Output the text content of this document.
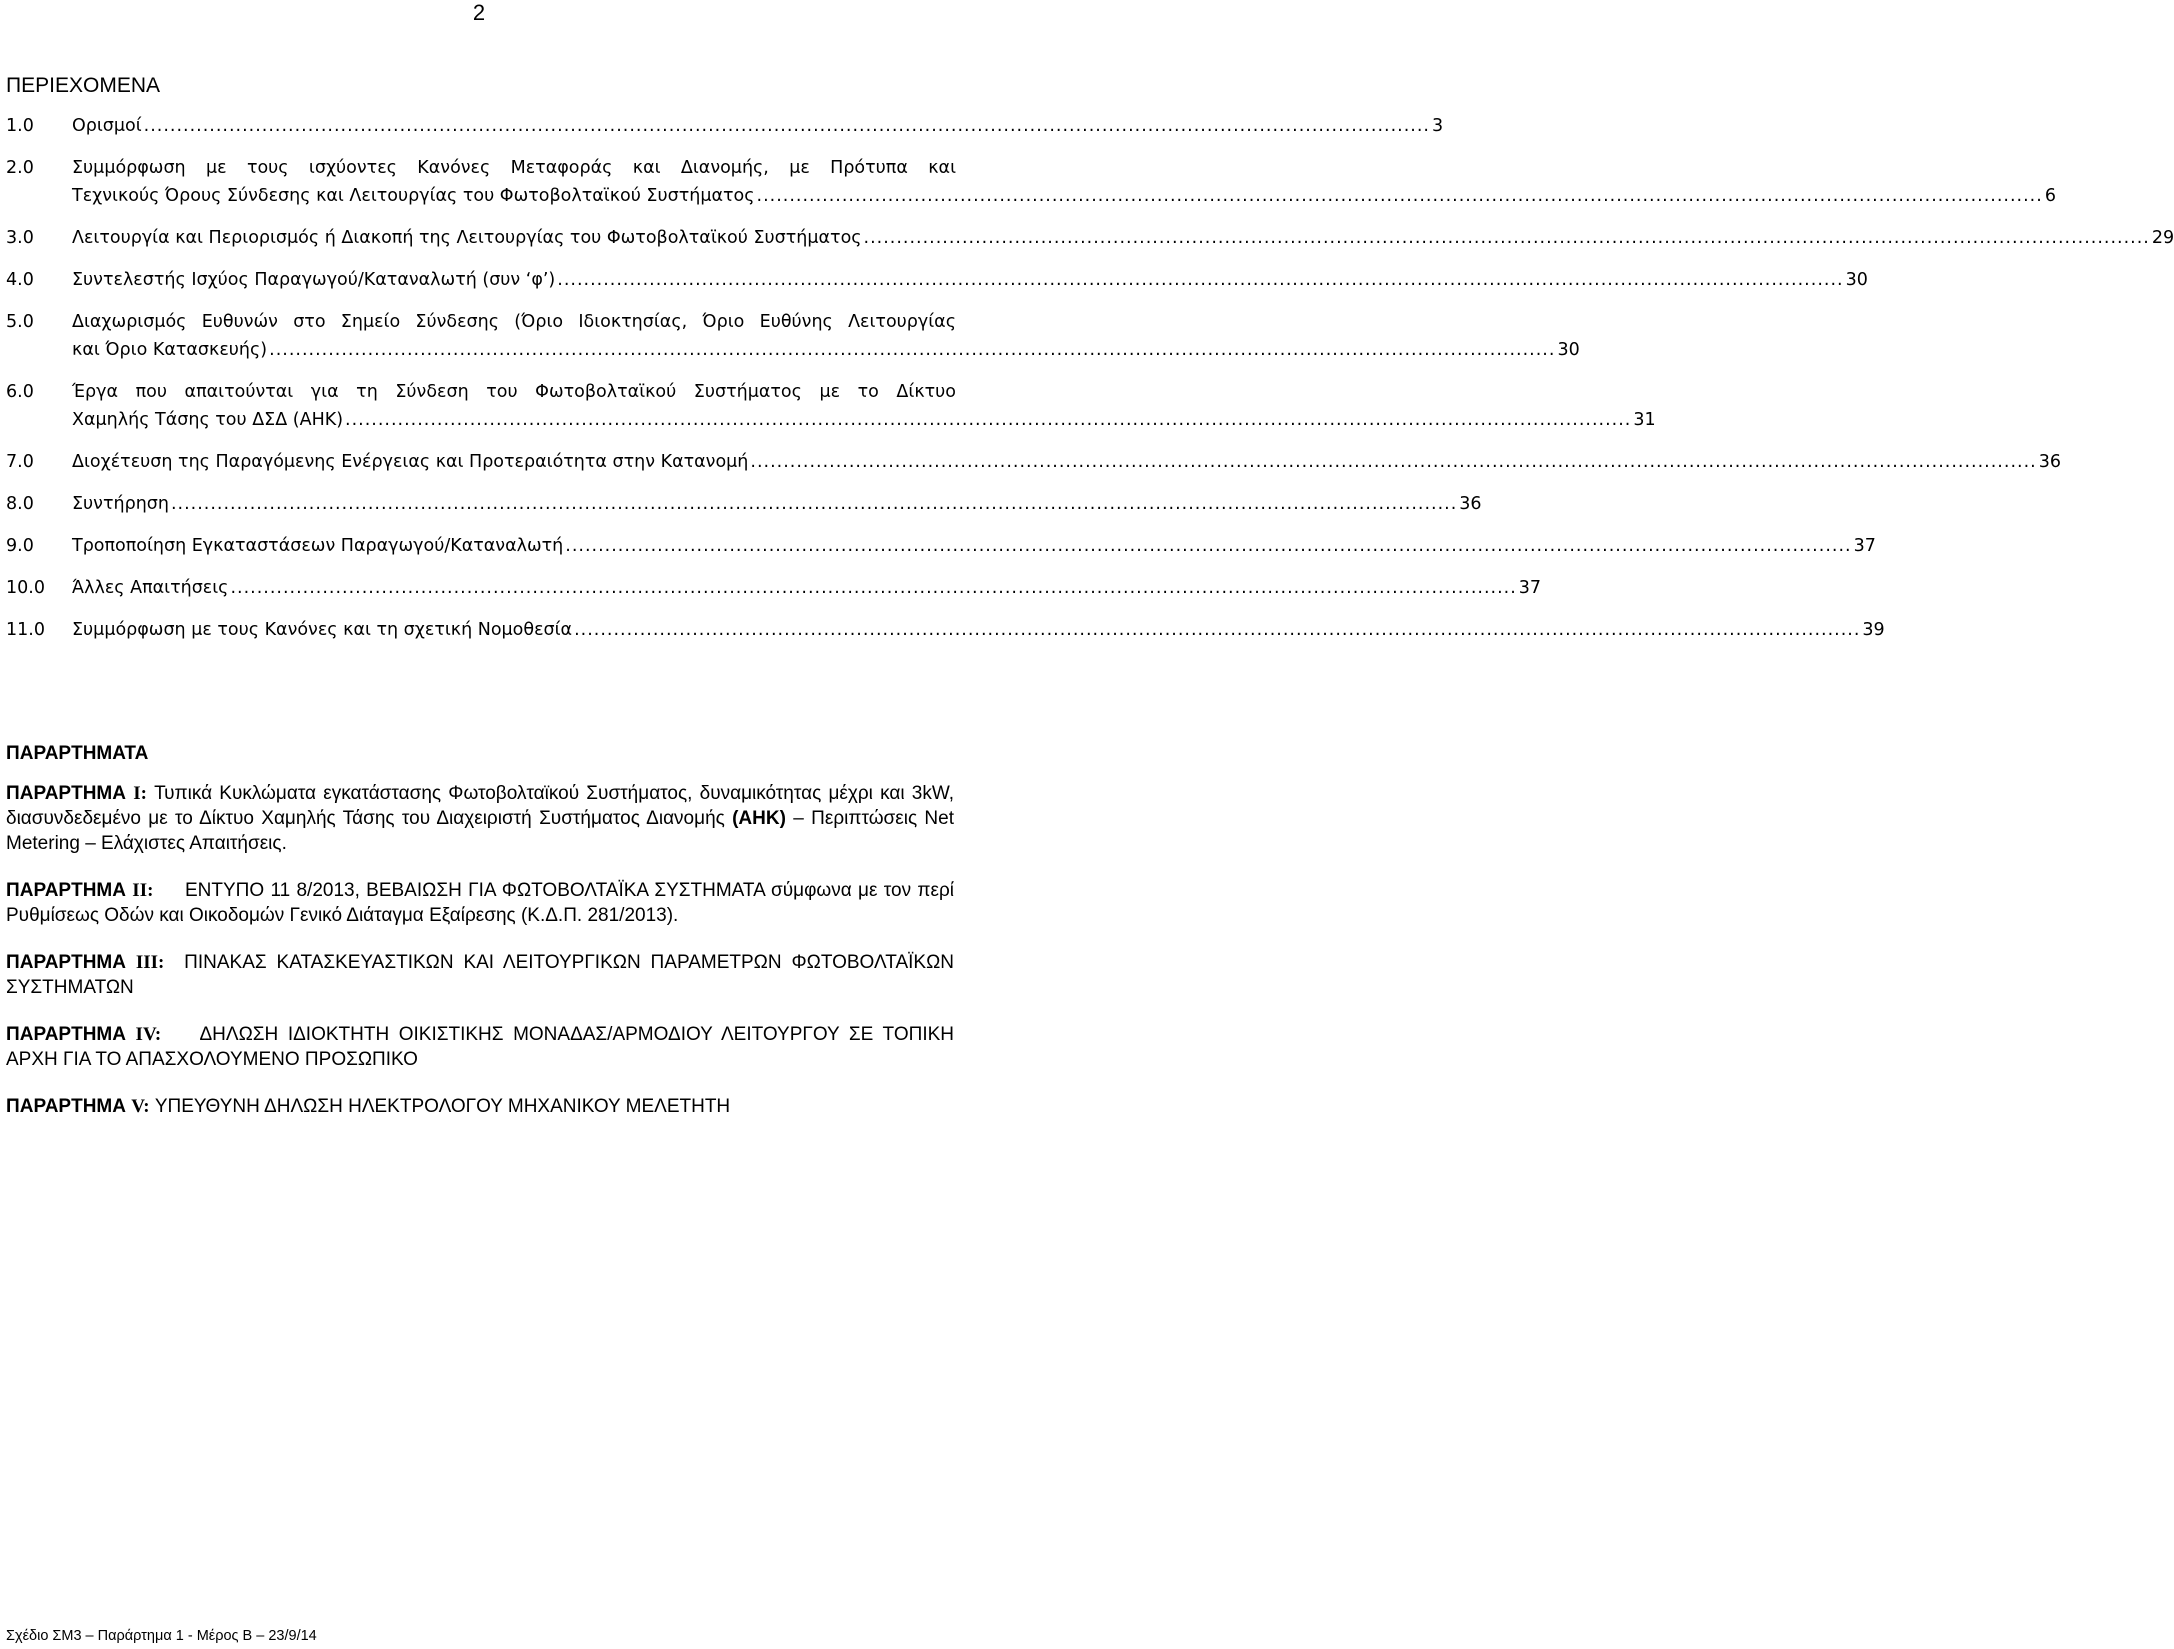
2
ΠΕΡΙΕΧΟΜΕΝΑ
1.0	Ορισμοί .................................................................................................................................................................................................... 3
2.0	Συμμόρφωση με τους ισχύοντες Κανόνες Μεταφοράς και Διανομής, με Πρότυπα και
Τεχνικούς Όρους Σύνδεσης και Λειτουργίας του Φωτοβολταϊκού Συστήματος .................................................................................................................................................................................................... 6
3.0	Λειτουργία και Περιορισμός ή Διακοπή της Λειτουργίας του Φωτοβολταϊκού Συστήματος .................................................................................................................................................................................................... 29
4.0	Συντελεστής Ισχύος Παραγωγού/Καταναλωτή (συν ‘φ’) .................................................................................................................................................................................................... 30
5.0	Διαχωρισμός Ευθυνών στο Σημείο Σύνδεσης (Όριο Ιδιοκτησίας, Όριο Ευθύνης Λειτουργίας
και Όριο Κατασκευής) .................................................................................................................................................................................................... 30
6.0	Έργα που απαιτούνται για τη Σύνδεση του Φωτοβολταϊκού Συστήματος με το Δίκτυο
Χαμηλής Τάσης του ΔΣΔ (ΑΗΚ) .................................................................................................................................................................................................... 31
7.0	Διοχέτευση της Παραγόμενης Ενέργειας και Προτεραιότητα στην Κατανομή .................................................................................................................................................................................................... 36
8.0	Συντήρηση .................................................................................................................................................................................................... 36
9.0	Τροποποίηση Εγκαταστάσεων Παραγωγού/Καταναλωτή .................................................................................................................................................................................................... 37
10.0	Άλλες Απαιτήσεις .................................................................................................................................................................................................... 37
11.0	Συμμόρφωση με τους Κανόνες και τη σχετική Νομοθεσία .................................................................................................................................................................................................... 39
ΠΑΡΑΡΤΗΜΑΤΑ
ΠΑΡΑΡΤΗΜΑ I: Τυπικά Κυκλώματα εγκατάστασης Φωτοβολταϊκού Συστήματος, δυναμικότητας μέχρι και 3kW, διασυνδεδεμένο με το Δίκτυο Χαμηλής Τάσης του Διαχειριστή Συστήματος Διανομής (ΑΗΚ) – Περιπτώσεις Net Metering – Ελάχιστες Απαιτήσεις.
ΠΑΡΑΡΤΗΜΑ II:     ΕΝΤΥΠΟ 11 8/2013, ΒΕΒΑΙΩΣΗ ΓΙΑ ΦΩΤΟΒΟΛΤΑΪΚΑ ΣΥΣΤΗΜΑΤΑ σύμφωνα με τον περί Ρυθμίσεως Οδών και Οικοδομών Γενικό Διάταγμα Εξαίρεσης (Κ.Δ.Π. 281/2013).
ΠΑΡΑΡΤΗΜΑ III:  ΠΙΝΑΚΑΣ ΚΑΤΑΣΚΕΥΑΣΤΙΚΩΝ ΚΑΙ ΛΕΙΤΟΥΡΓΙΚΩΝ ΠΑΡΑΜΕΤΡΩΝ ΦΩΤΟΒΟΛΤΑΪΚΩΝ ΣΥΣΤΗΜΑΤΩΝ
ΠΑΡΑΡΤΗΜΑ IV:    ΔΗΛΩΣΗ ΙΔΙΟΚΤΗΤΗ ΟΙΚΙΣΤΙΚΗΣ ΜΟΝΑΔΑΣ/ΑΡΜΟΔΙΟΥ ΛΕΙΤΟΥΡΓΟΥ ΣΕ ΤΟΠΙΚΗ ΑΡΧΗ ΓΙΑ ΤΟ ΑΠΑΣΧΟΛΟΥΜΕΝΟ ΠΡΟΣΩΠΙΚΟ
ΠΑΡΑΡΤΗΜΑ V: ΥΠΕΥΘΥΝΗ ΔΗΛΩΣΗ ΗΛΕΚΤΡΟΛΟΓΟΥ ΜΗΧΑΝΙΚΟΥ ΜΕΛΕΤΗΤΗ
Σχέδιο ΣΜ3 – Παράρτημα 1 - Μέρος Β – 23/9/14
